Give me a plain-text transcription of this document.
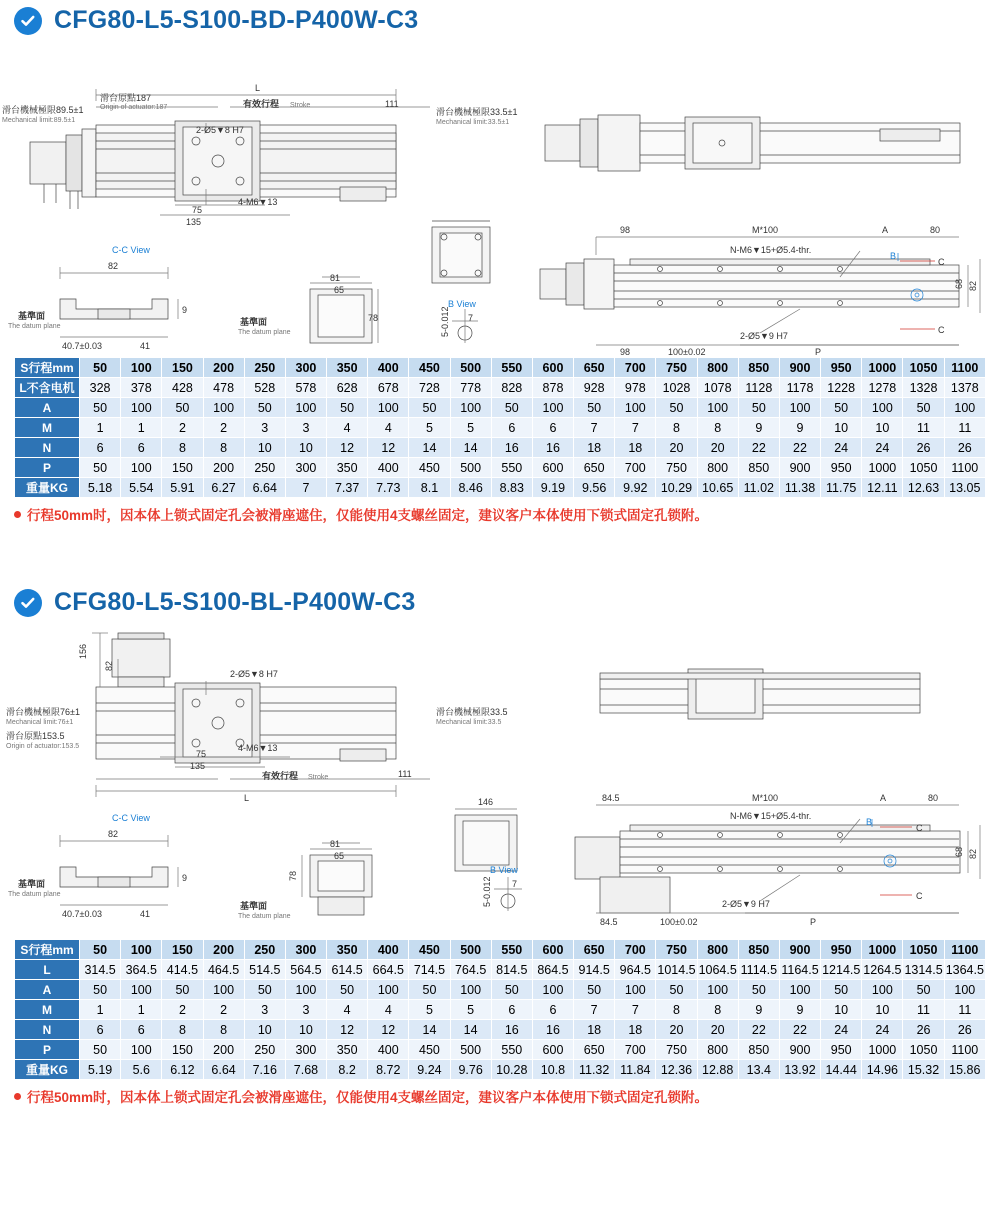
CFG80-L5-S100-BD-P400W-C3
L
滑台原點187
Origin of actuator:187	有效行程 Stroke	111
滑台機械極限89.5±1
Mechanical limit:89.5±1
滑台機械極限33.5±1
Mechanical limit:33.5±1
2-Ø5▼8 H7
75
135
4-M6▼13
C-C View
82
基準面
The datum plane
9
40.7±0.03	41
81
65
78
基準面
The datum plane
B View
7
5-0.012
98	M*100	A	80
N-M6▼15+Ø5.4-thr.
B
C
C
68 82
2-Ø5▼9 H7
98	100±0.02	P
S行程mm	50	100	150	200	250	300	350	400	450	500	550	600	650	700	750	800	850	900	950	1000	1050	1100
L不含电机	328	378	428	478	528	578	628	678	728	778	828	878	928	978	1028	1078	1128	1178	1228	1278	1328	1378
A	50	100	50	100	50	100	50	100	50	100	50	100	50	100	50	100	50	100	50	100	50	100
M	1	1	2	2	3	3	4	4	5	5	6	6	7	7	8	8	9	9	10	10	11	11
N	6	6	8	8	10	10	12	12	14	14	16	16	18	18	20	20	22	22	24	24	26	26
P	50	100	150	200	250	300	350	400	450	500	550	600	650	700	750	800	850	900	950	1000	1050	1100
重量KG	5.18	5.54	5.91	6.27	6.64	7	7.37	7.73	8.1	8.46	8.83	9.19	9.56	9.92	10.29	10.65	11.02	11.38	11.75	12.11	12.63	13.05
行程50mm时，因本体上锁式固定孔会被滑座遮住，仅能使用4支螺丝固定，建议客户本体使用下锁式固定孔锁附。
CFG80-L5-S100-BL-P400W-C3
156
82
2-Ø5▼8 H7
滑台機械極限76±1
Mechanical limit:76±1
滑台原點153.5
Origin of actuator:153.5
75
135
4-M6▼13
滑台機械極限33.5
Mechanical limit:33.5
有效行程 Stroke	111
L	146
C-C View
82
基準面
The datum plane
9
40.7±0.03	41
81
65
78
基準面
The datum plane
B View
7
5-0.012
84.5	M*100	A	80
N-M6▼15+Ø5.4-thr.
B
C
C
68 82
2-Ø5▼9 H7
84.5	100±0.02	P
S行程mm	50	100	150	200	250	300	350	400	450	500	550	600	650	700	750	800	850	900	950	1000	1050	1100
L	314.5	364.5	414.5	464.5	514.5	564.5	614.5	664.5	714.5	764.5	814.5	864.5	914.5	964.5	1014.5	1064.5	1114.5	1164.5	1214.5	1264.5	1314.5	1364.5
A	50	100	50	100	50	100	50	100	50	100	50	100	50	100	50	100	50	100	50	100	50	100
M	1	1	2	2	3	3	4	4	5	5	6	6	7	7	8	8	9	9	10	10	11	11
N	6	6	8	8	10	10	12	12	14	14	16	16	18	18	20	20	22	22	24	24	26	26
P	50	100	150	200	250	300	350	400	450	500	550	600	650	700	750	800	850	900	950	1000	1050	1100
重量KG	5.19	5.6	6.12	6.64	7.16	7.68	8.2	8.72	9.24	9.76	10.28	10.8	11.32	11.84	12.36	12.88	13.4	13.92	14.44	14.96	15.32	15.86
行程50mm时，因本体上锁式固定孔会被滑座遮住，仅能使用4支螺丝固定，建议客户本体使用下锁式固定孔锁附。
